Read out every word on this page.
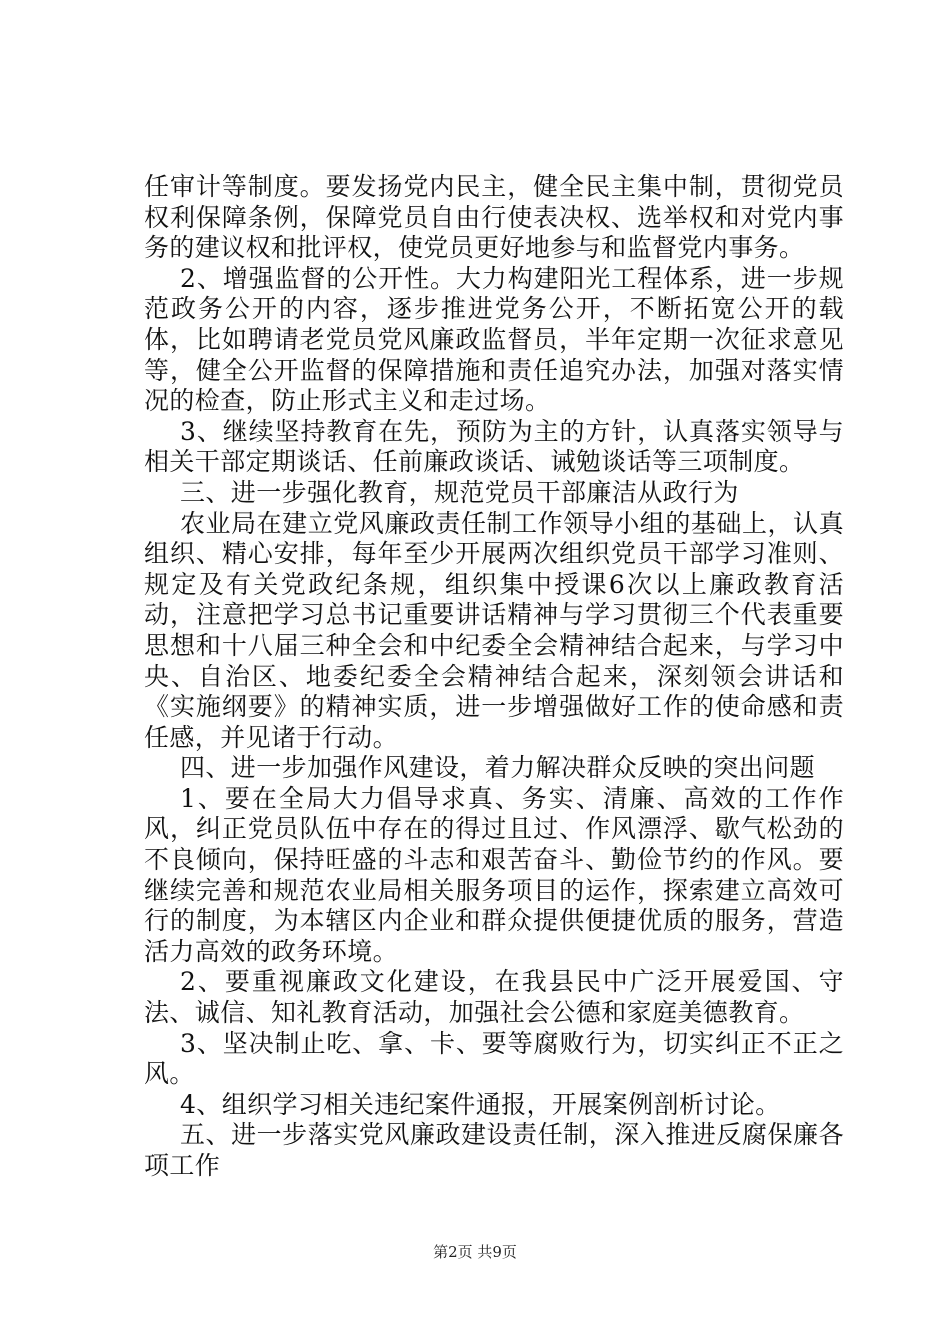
任审计等制度。要发扬党内民主，健全民主集中制，贯彻党员权利保障条例，保障党员自由行使表决权、选举权和对党内事务的建议权和批评权，使党员更好地参与和监督党内事务。

2、增强监督的公开性。大力构建阳光工程体系，进一步规范政务公开的内容，逐步推进党务公开，不断拓宽公开的载体，比如聘请老党员党风廉政监督员，半年定期一次征求意见等，健全公开监督的保障措施和责任追究办法，加强对落实情况的检查，防止形式主义和走过场。

3、继续坚持教育在先，预防为主的方针，认真落实领导与相关干部定期谈话、任前廉政谈话、诫勉谈话等三项制度。

三、进一步强化教育，规范党员干部廉洁从政行为

农业局在建立党风廉政责任制工作领导小组的基础上，认真组织、精心安排，每年至少开展两次组织党员干部学习准则、规定及有关党政纪条规，组织集中授课6次以上廉政教育活动，注意把学习总书记重要讲话精神与学习贯彻三个代表重要思想和十八届三种全会和中纪委全会精神结合起来，与学习中央、自治区、地委纪委全会精神结合起来，深刻领会讲话和《实施纲要》的精神实质，进一步增强做好工作的使命感和责任感，并见诸于行动。

四、进一步加强作风建设，着力解决群众反映的突出问题

1、要在全局大力倡导求真、务实、清廉、高效的工作作风，纠正党员队伍中存在的得过且过、作风漂浮、歇气松劲的不良倾向，保持旺盛的斗志和艰苦奋斗、勤俭节约的作风。要继续完善和规范农业局相关服务项目的运作，探索建立高效可行的制度，为本辖区内企业和群众提供便捷优质的服务，营造活力高效的政务环境。

2、要重视廉政文化建设，在我县民中广泛开展爱国、守法、诚信、知礼教育活动，加强社会公德和家庭美德教育。

3、坚决制止吃、拿、卡、要等腐败行为，切实纠正不正之风。

4、组织学习相关违纪案件通报，开展案例剖析讨论。

五、进一步落实党风廉政建设责任制，深入推进反腐保廉各项工作

第2页 共9页
